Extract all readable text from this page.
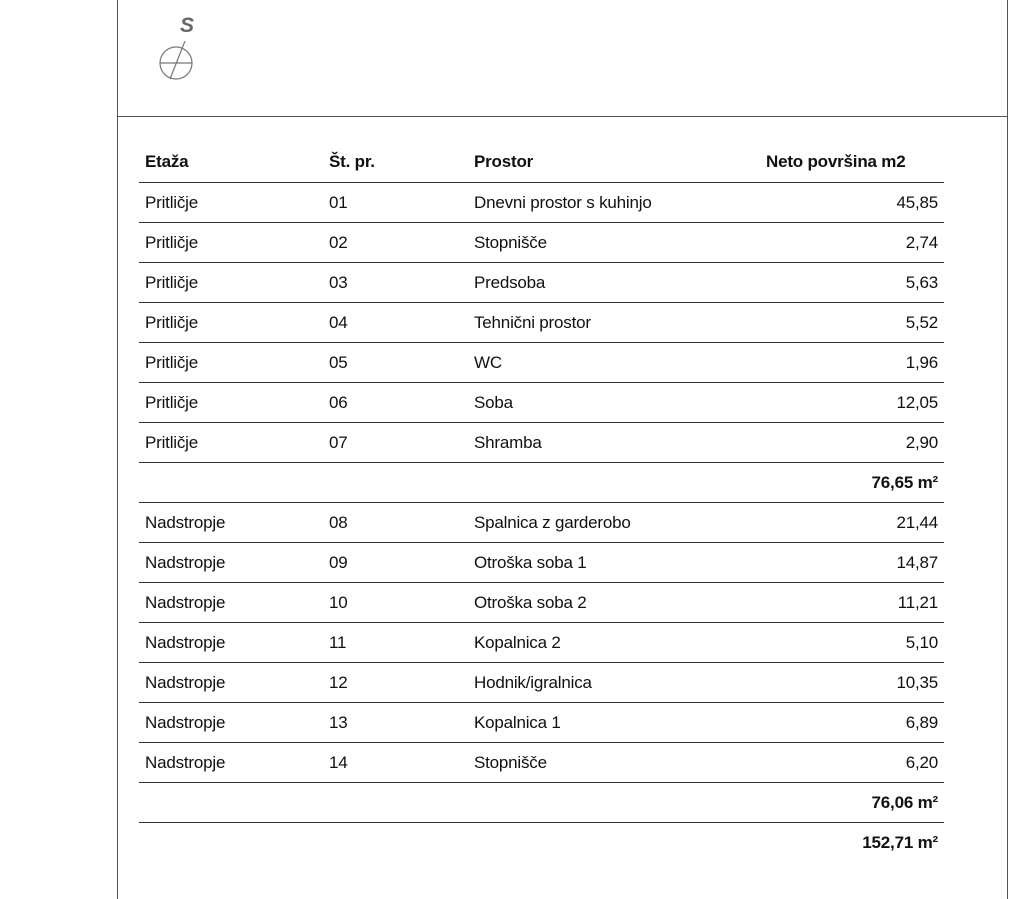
S
Etaža	Št. pr.	Prostor	Neto površina m2
Pritličje	01	Dnevni prostor s kuhinjo	45,85
Pritličje	02	Stopnišče	2,74
Pritličje	03	Predsoba	5,63
Pritličje	04	Tehnični prostor	5,52
Pritličje	05	WC	1,96
Pritličje	06	Soba	12,05
Pritličje	07	Shramba	2,90
			76,65 m²
Nadstropje	08	Spalnica z garderobo	21,44
Nadstropje	09	Otroška soba 1	14,87
Nadstropje	10	Otroška soba 2	11,21
Nadstropje	11	Kopalnica 2	5,10
Nadstropje	12	Hodnik/igralnica	10,35
Nadstropje	13	Kopalnica 1	6,89
Nadstropje	14	Stopnišče	6,20
			76,06 m²
			152,71 m²
